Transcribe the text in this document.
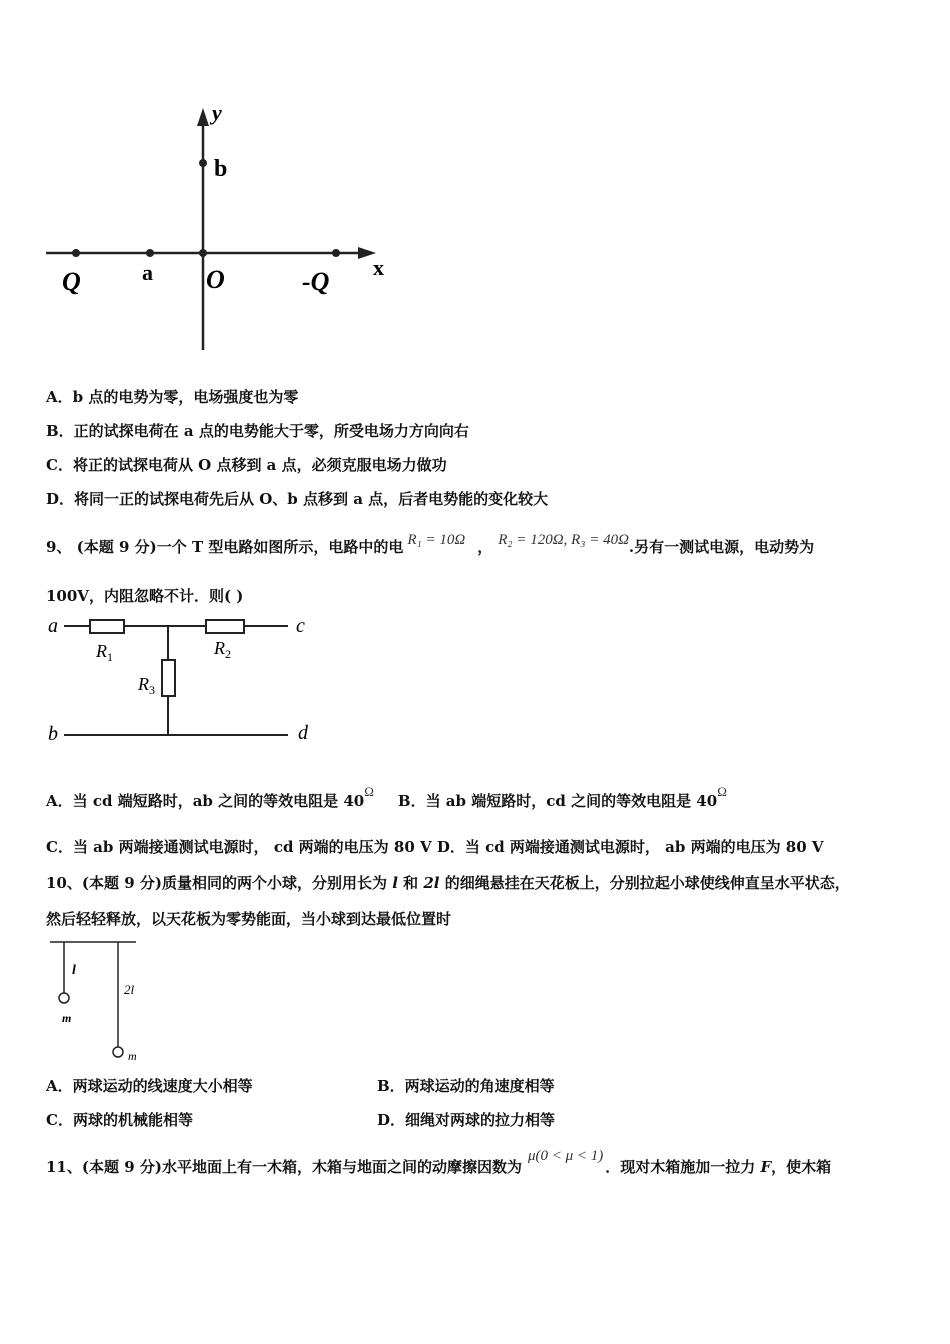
y
b
x
Q	a O	-Q
A．b 点的电势为零，电场强度也为零
B．正的试探电荷在 a 点的电势能大于零，所受电场力方向向右
C．将正的试探电荷从 O 点移到 a 点，必须克服电场力做功
D．将同一正的试探电荷先后从 O、b 点移到 a 点，后者电势能的变化较大
9、 (本题 9 分)一个 T 型电路如图所示，电路中的电 R₁ = 10Ω ， R₂ = 120Ω, R₃ = 40Ω.另有一测试电源，电动势为
100V，内阻忽略不计．则( )
a	c
b	d
$R_1$	$R_2$
$R_3$
A．当 cd 端短路时，ab 之间的等效电阻是 40ΩB．当 ab 端短路时，cd 之间的等效电阻是 40Ω
C．当 ab 两端接通测试电源时， cd 两端的电压为 80 V D．当 cd 两端接通测试电源时， ab 两端的电压为 80 V
10、(本题 9 分)质量相同的两个小球，分别用长为 l 和 2l 的细绳悬挂在天花板上，分别拉起小球使线伸直呈水平状态，
然后轻轻释放，以天花板为零势能面，当小球到达最低位置时
l
2l
m
m
A．两球运动的线速度大小相等	B．两球运动的角速度相等
C．两球的机械能相等	D．细绳对两球的拉力相等
11、(本题 9 分)水平地面上有一木箱，木箱与地面之间的动摩擦因数为μ(0 < μ < 1)．现对木箱施加一拉力 F，使木箱
